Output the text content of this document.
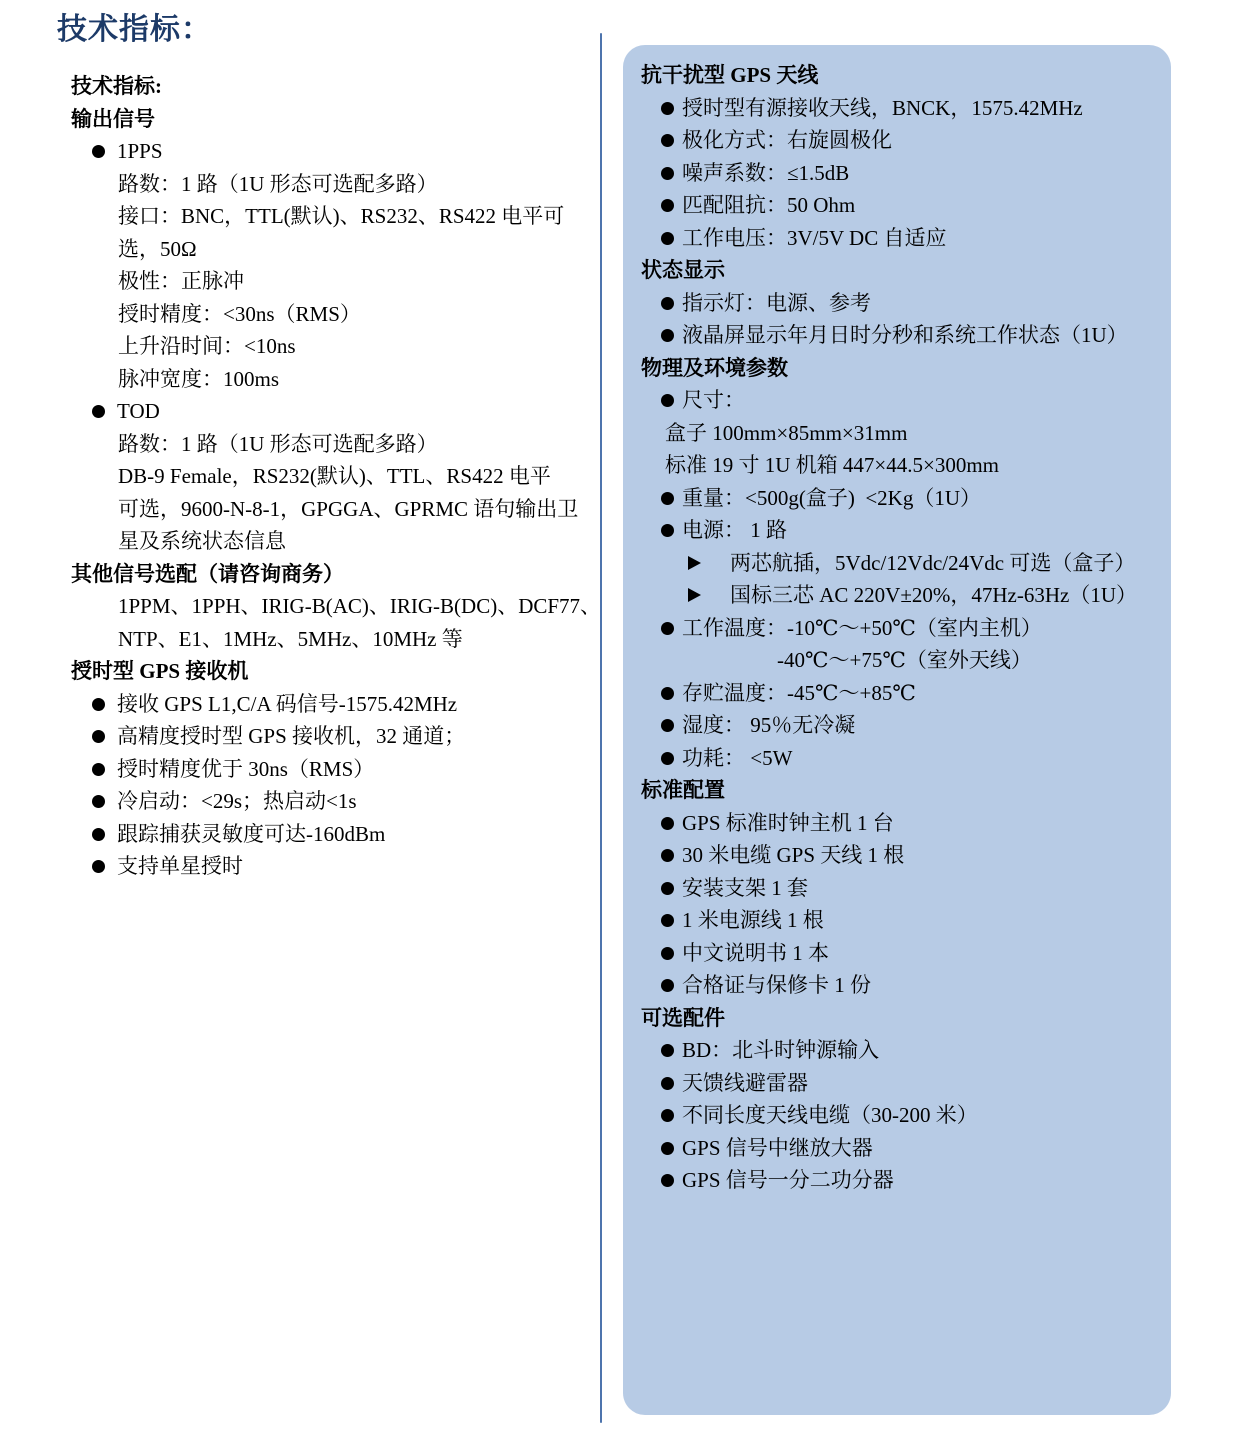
技术指标：
技术指标:
输出信号
1PPS
路数：1 路（1U 形态可选配多路）
接口：BNC，TTL(默认)、RS232、RS422 电平可
选，50Ω
极性：正脉冲
授时精度：<30ns（RMS）
上升沿时间：<10ns
脉冲宽度：100ms
TOD
路数：1 路（1U 形态可选配多路）
DB-9 Female，RS232(默认)、TTL、RS422 电平
可选，9600-N-8-1，GPGGA、GPRMC 语句输出卫
星及系统状态信息
其他信号选配（请咨询商务）
1PPM、1PPH、IRIG-B(AC)、IRIG-B(DC)、DCF77、
NTP、E1、1MHz、5MHz、10MHz 等
授时型 GPS 接收机
接收 GPS L1,C/A 码信号-1575.42MHz
高精度授时型 GPS 接收机，32 通道；
授时精度优于 30ns（RMS）
冷启动：<29s；热启动<1s
跟踪捕获灵敏度可达-160dBm
支持单星授时
抗干扰型 GPS 天线
授时型有源接收天线，BNCK，1575.42MHz
极化方式：右旋圆极化
噪声系数：≤1.5dB
匹配阻抗：50 Ohm
工作电压：3V/5V DC 自适应
状态显示
指示灯：电源、参考
液晶屏显示年月日时分秒和系统工作状态（1U）
物理及环境参数
尺寸：
盒子 100mm×85mm×31mm
标准 19 寸 1U 机箱 447×44.5×300mm
重量：<500g(盒子)  <2Kg（1U）
电源： 1 路
两芯航插，5Vdc/12Vdc/24Vdc 可选（盒子）
国标三芯 AC 220V±20%，47Hz-63Hz（1U）
工作温度：-10℃～+50℃（室内主机）
-40℃～+75℃（室外天线）
存贮温度：-45℃～+85℃
湿度： 95％无冷凝
功耗： <5W
标准配置
GPS 标准时钟主机 1 台
30 米电缆 GPS 天线 1 根
安装支架 1 套
1 米电源线 1 根
中文说明书 1 本
合格证与保修卡 1 份
可选配件
BD：北斗时钟源输入
天馈线避雷器
不同长度天线电缆（30-200 米）
GPS 信号中继放大器
GPS 信号一分二功分器
